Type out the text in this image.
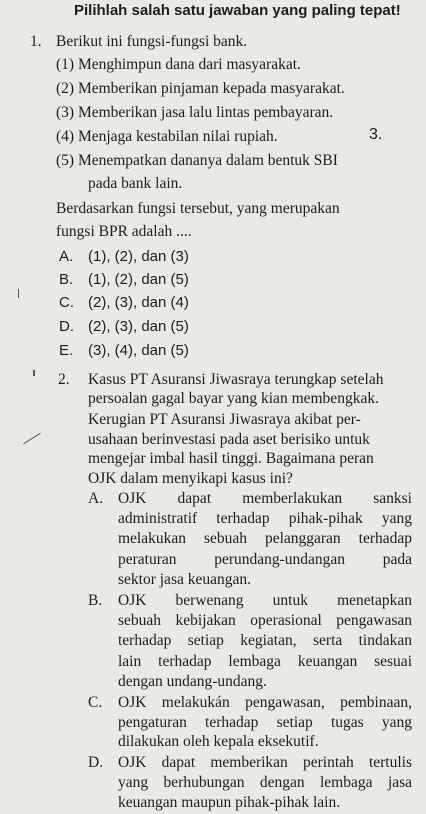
Pilihlah salah satu jawaban yang paling tepat!
1. Berikut ini fungsi-fungsi bank.
(1) Menghimpun dana dari masyarakat.
(2) Memberikan pinjaman kepada masyarakat.
(3) Memberikan jasa lalu lintas pembayaran.
(4) Menjaga kestabilan nilai rupiah.
(5) Menempatkan dananya dalam bentuk SBI
pada bank lain.
3.
Berdasarkan fungsi tersebut, yang merupakan
fungsi BPR adalah ....
A. (1), (2), dan (3)
B. (1), (2), dan (5)
C. (2), (3), dan (4)
D. (2), (3), dan (5)
E. (3), (4), dan (5)
2. Kasus PT Asuransi Jiwasraya terungkap setelah
persoalan gagal bayar yang kian membengkak.
Kerugian PT Asuransi Jiwasraya akibat per-
usahaan berinvestasi pada aset berisiko untuk
mengejar imbal hasil tinggi. Bagaimana peran
OJK dalam menyikapi kasus ini?
A. OJK dapat memberlakukan sanksi
administratif terhadap pihak-pihak yang
melakukan sebuah pelanggaran terhadap
peraturan perundang-undangan pada
sektor jasa keuangan.
B. OJK berwenang untuk menetapkan
sebuah kebijakan operasional pengawasan
terhadap setiap kegiatan, serta tindakan
lain terhadap lembaga keuangan sesuai
dengan undang-undang.
C. OJK melakukán pengawasan, pembinaan,
pengaturan terhadap setiap tugas yang
dilakukan oleh kepala eksekutif.
D. OJK dapat memberikan perintah tertulis
yang berhubungan dengan lembaga jasa
keuangan maupun pihak-pihak lain.
